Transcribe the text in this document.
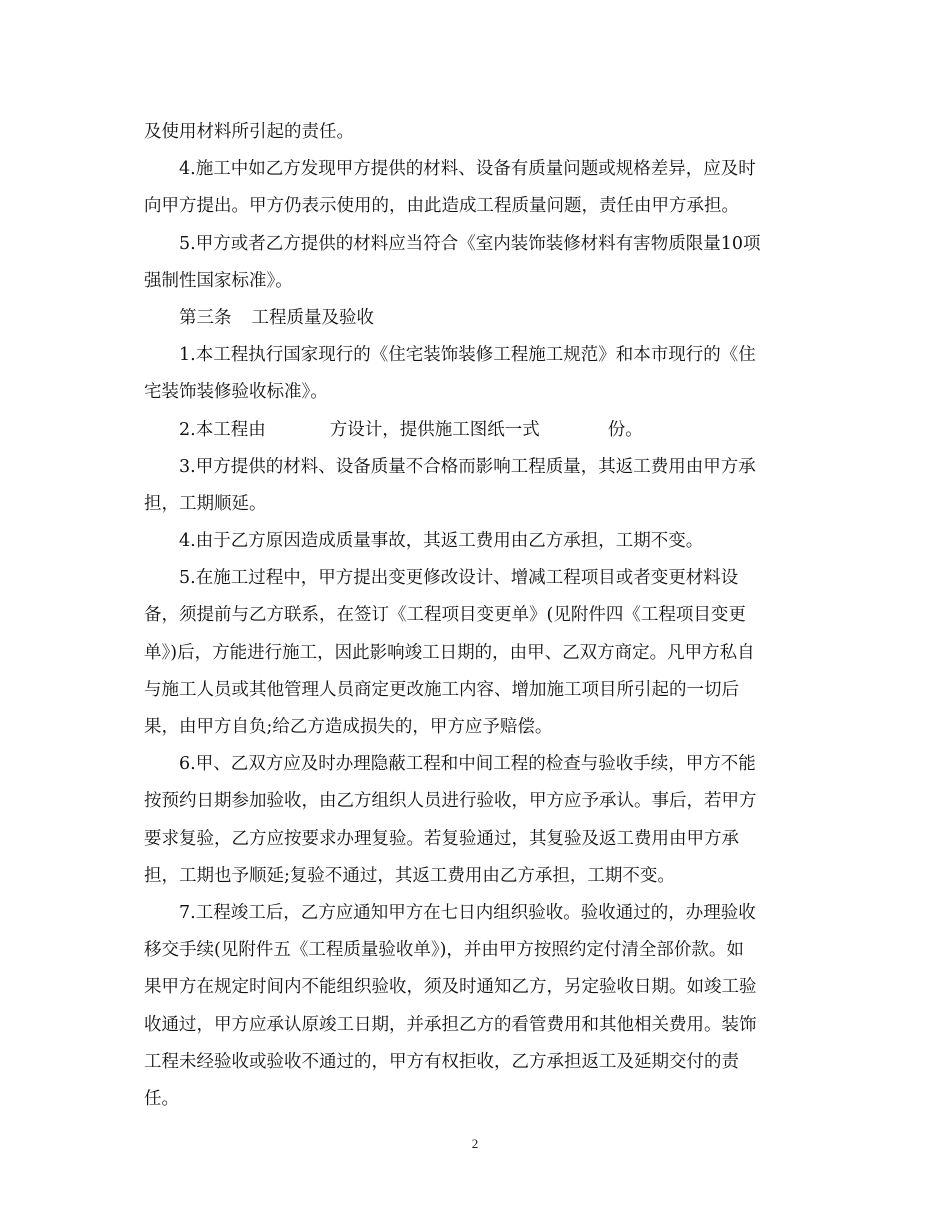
及使用材料所引起的责任。
4.施工中如乙方发现甲方提供的材料、设备有质量问题或规格差异，应及时
向甲方提出。甲方仍表示使用的，由此造成工程质量问题，责任由甲方承担。
5.甲方或者乙方提供的材料应当符合《室内装饰装修材料有害物质限量10项
强制性国家标准》。
第三条 工程质量及验收
1.本工程执行国家现行的《住宅装饰装修工程施工规范》和本市现行的《住
宅装饰装修验收标准》。
2.本工程由	方设计，提供施工图纸一式	份。
3.甲方提供的材料、设备质量不合格而影响工程质量，其返工费用由甲方承
担，工期顺延。
4.由于乙方原因造成质量事故，其返工费用由乙方承担，工期不变。
5.在施工过程中，甲方提出变更修改设计、增减工程项目或者变更材料设
备，须提前与乙方联系，在签订《工程项目变更单》(见附件四《工程项目变更
单》)后，方能进行施工，因此影响竣工日期的，由甲、乙双方商定。凡甲方私自
与施工人员或其他管理人员商定更改施工内容、增加施工项目所引起的一切后
果，由甲方自负;给乙方造成损失的，甲方应予赔偿。
6.甲、乙双方应及时办理隐蔽工程和中间工程的检查与验收手续，甲方不能
按预约日期参加验收，由乙方组织人员进行验收，甲方应予承认。事后，若甲方
要求复验，乙方应按要求办理复验。若复验通过，其复验及返工费用由甲方承
担，工期也予顺延;复验不通过，其返工费用由乙方承担，工期不变。
7.工程竣工后，乙方应通知甲方在七日内组织验收。验收通过的，办理验收
移交手续(见附件五《工程质量验收单》)，并由甲方按照约定付清全部价款。如
果甲方在规定时间内不能组织验收，须及时通知乙方，另定验收日期。如竣工验
收通过，甲方应承认原竣工日期，并承担乙方的看管费用和其他相关费用。装饰
工程未经验收或验收不通过的，甲方有权拒收，乙方承担返工及延期交付的责
任。
2
